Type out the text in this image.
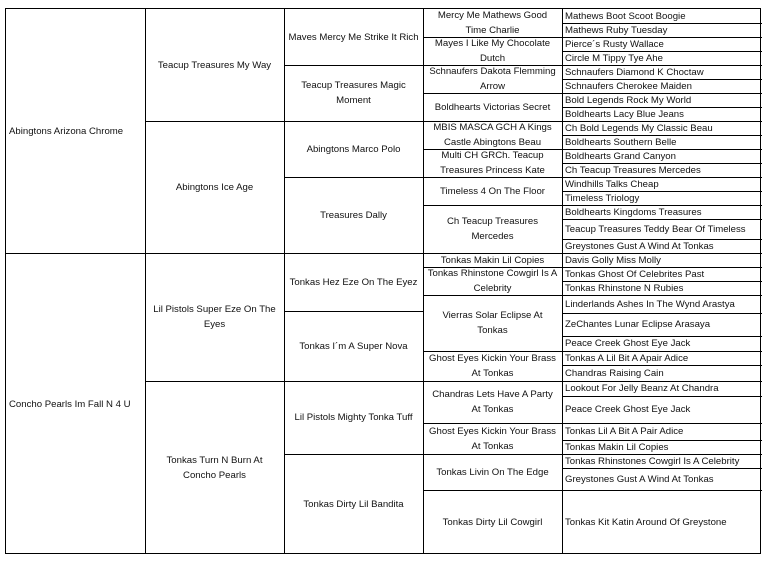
Abingtons Arizona Chrome
Concho Pearls Im Fall N 4 U
Teacup Treasures My Way
Abingtons Ice Age
Lil Pistols Super Eze On The Eyes
Tonkas Turn N Burn At Concho Pearls
Maves Mercy Me Strike It Rich
Teacup Treasures Magic Moment
Abingtons Marco Polo
Treasures Dally
Tonkas Hez Eze On The Eyez
Tonkas I´m A Super Nova
Lil Pistols Mighty Tonka Tuff
Tonkas Dirty Lil Bandita
Mercy Me Mathews Good Time Charlie
Mayes I Like My Chocolate Dutch
Schnaufers Dakota Flemming Arrow
Boldhearts Victorias Secret
MBIS MASCA GCH A Kings Castle Abingtons Beau
Multi CH GRCh. Teacup Treasures Princess Kate
Timeless 4 On The Floor
Ch Teacup Treasures Mercedes
Tonkas Makin Lil Copies
Tonkas Rhinstone Cowgirl Is A Celebrity
Vierras Solar Eclipse At Tonkas
Ghost Eyes Kickin Your Brass At Tonkas
Chandras Lets Have A Party At Tonkas
Ghost Eyes Kickin Your Brass At Tonkas
Tonkas Livin On The Edge
Tonkas Dirty Lil Cowgirl
Mathews Boot Scoot Boogie
Mathews Ruby Tuesday
Pierce´s Rusty Wallace
Circle M Tippy Tye Ahe
Schnaufers Diamond K Choctaw
Schnaufers Cherokee Maiden
Bold Legends Rock My World
Boldhearts Lacy Blue Jeans
Ch Bold Legends My Classic Beau
Boldhearts Southern Belle
Boldhearts Grand Canyon
Ch Teacup Treasures Mercedes
Windhills Talks Cheap
Timeless Triology
Boldhearts Kingdoms Treasures
Teacup Treasures Teddy Bear Of Timeless
Greystones Gust A Wind At Tonkas
Davis Golly Miss Molly
Tonkas Ghost Of Celebrites Past
Tonkas Rhinstone N Rubies
Linderlands Ashes In The Wynd Arastya
ZeChantes Lunar Eclipse Arasaya
Peace Creek Ghost Eye Jack
Tonkas A Lil Bit A Apair Adice
Chandras Raising Cain
Lookout For Jelly Beanz At Chandra
Peace Creek Ghost Eye Jack
Tonkas Lil A Bit A Pair Adice
Tonkas Makin Lil Copies
Tonkas Rhinstones Cowgirl Is A Celebrity
Greystones Gust A Wind At Tonkas
Tonkas Kit Katin Around Of Greystone
